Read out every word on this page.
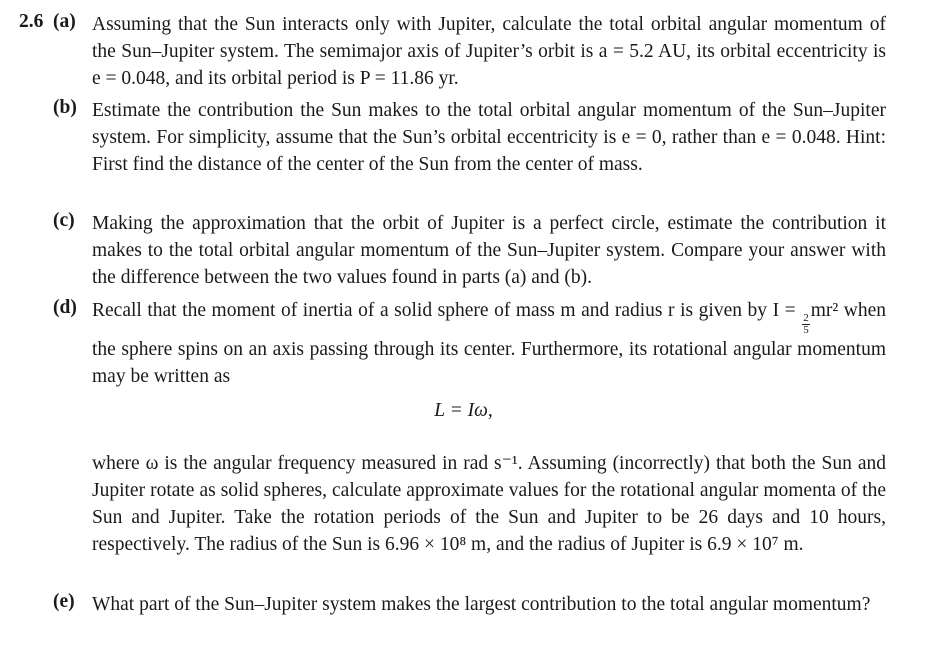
2.6 (a) Assuming that the Sun interacts only with Jupiter, calculate the total orbital angular momentum of the Sun–Jupiter system. The semimajor axis of Jupiter’s orbit is a = 5.2 AU, its orbital eccentricity is e = 0.048, and its orbital period is P = 11.86 yr.
(b) Estimate the contribution the Sun makes to the total orbital angular momentum of the Sun–Jupiter system. For simplicity, assume that the Sun’s orbital eccentricity is e = 0, rather than e = 0.048. Hint: First find the distance of the center of the Sun from the center of mass.
(c) Making the approximation that the orbit of Jupiter is a perfect circle, estimate the contribution it makes to the total orbital angular momentum of the Sun–Jupiter system. Compare your answer with the difference between the two values found in parts (a) and (b).
(d) Recall that the moment of inertia of a solid sphere of mass m and radius r is given by I =
$\frac{2}{5}$
mr² when the sphere spins on an axis passing through its center. Furthermore, its rotational angular momentum may be written as
L = Iω,
where ω is the angular frequency measured in rad s⁻¹. Assuming (incorrectly) that both the Sun and Jupiter rotate as solid spheres, calculate approximate values for the rotational angular momenta of the Sun and Jupiter. Take the rotation periods of the Sun and Jupiter to be 26 days and 10 hours, respectively. The radius of the Sun is 6.96 × 10⁸ m, and the radius of Jupiter is 6.9 × 10⁷ m.
(e) What part of the Sun–Jupiter system makes the largest contribution to the total angular momentum?
